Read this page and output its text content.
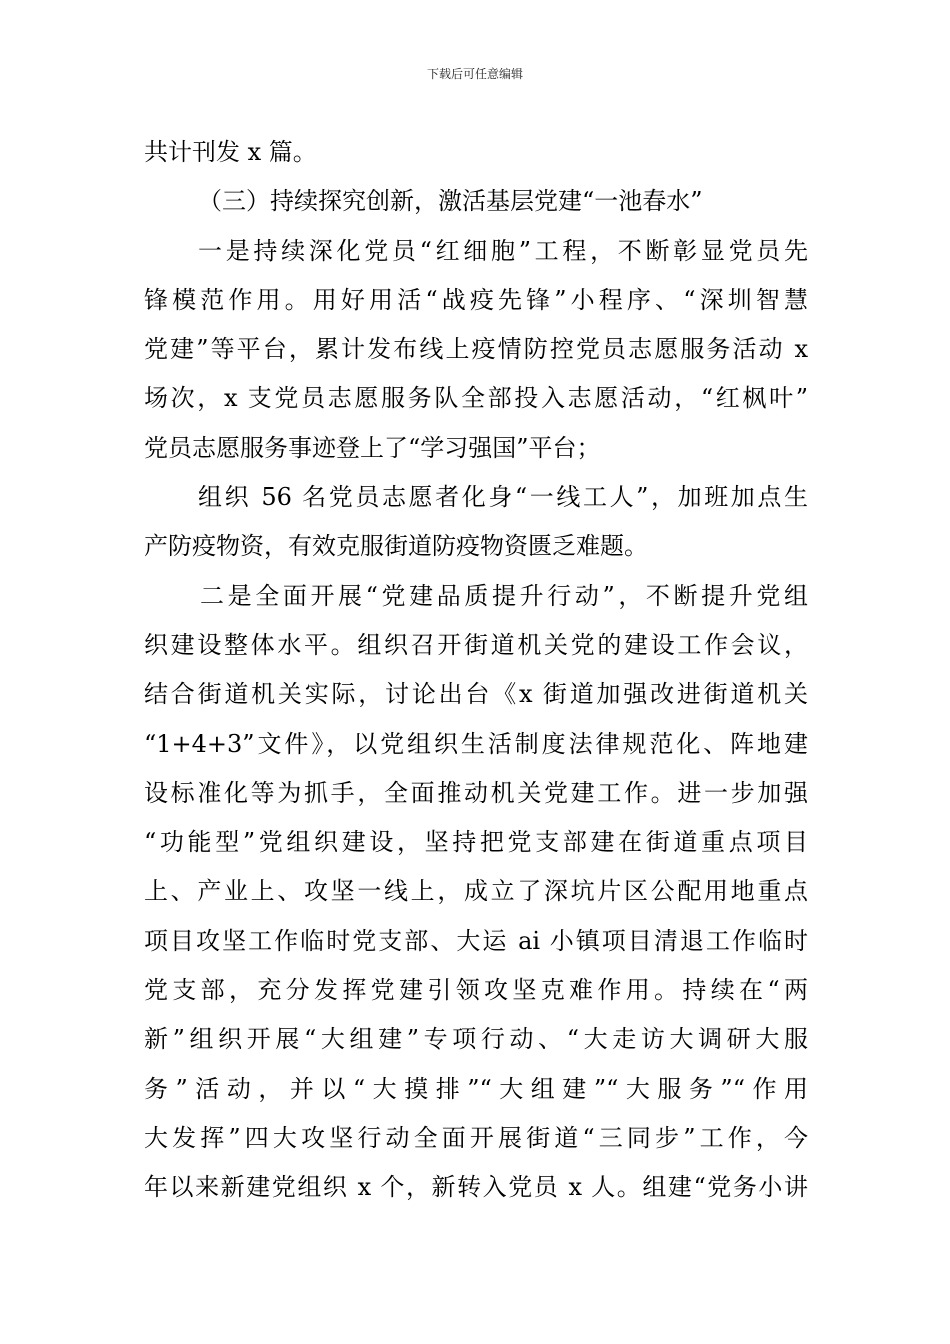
下载后可任意编辑
共计刊发 x 篇。
（三）持续探究创新，激活基层党建“一池春水”
一是持续深化党员“红细胞”工程，不断彰显党员先
锋模范作用。用好用活“战疫先锋”小程序、“深圳智慧
党建”等平台，累计发布线上疫情防控党员志愿服务活动 x
场次，x 支党员志愿服务队全部投入志愿活动，“红枫叶”
党员志愿服务事迹登上了“学习强国”平台；
组织 56 名党员志愿者化身“一线工人”，加班加点生
产防疫物资，有效克服街道防疫物资匮乏难题。
二是全面开展“党建品质提升行动”，不断提升党组
织建设整体水平。组织召开街道机关党的建设工作会议，
结合街道机关实际，讨论出台《x 街道加强改进街道机关
“1+4+3”文件》，以党组织生活制度法律规范化、阵地建
设标准化等为抓手，全面推动机关党建工作。进一步加强
“功能型”党组织建设，坚持把党支部建在街道重点项目
上、产业上、攻坚一线上，成立了深坑片区公配用地重点
项目攻坚工作临时党支部、大运 ai 小镇项目清退工作临时
党支部，充分发挥党建引领攻坚克难作用。持续在“两
新”组织开展“大组建”专项行动、“大走访大调研大服
务”活动，并以“大摸排”“大组建”“大服务”“作用
大发挥”四大攻坚行动全面开展街道“三同步”工作，今
年以来新建党组织 x 个，新转入党员 x 人。组建“党务小讲
